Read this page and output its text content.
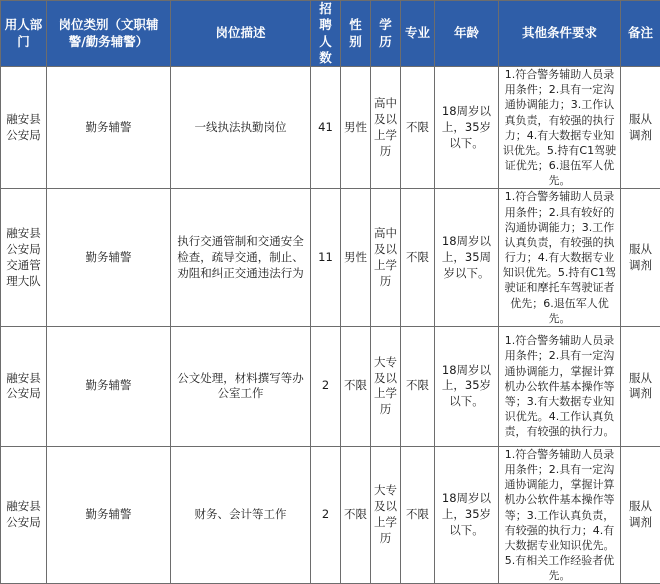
用人部门	岗位类别（文职辅警/勤务辅警）	岗位描述	招聘人数	性别	学历	专业	年龄	其他条件要求	备注
融安县公安局	勤务辅警	一线执法执勤岗位	41	男性	高中及以上学历	不限	18周岁以上，35岁以下。	1.符合警务辅助人员录用条件；2.具有一定沟通协调能力；3.工作认真负责，有较强的执行力；4.有大数据专业知识优先。5.持有C1驾驶证优先；6.退伍军人优先。	服从调剂
融安县公安局交通管理大队	勤务辅警	执行交通管制和交通安全检查，疏导交通，制止、劝阻和纠正交通违法行为	11	男性	高中及以上学历	不限	18周岁以上，35周岁以下。	1.符合警务辅助人员录用条件；2.具有较好的沟通协调能力；3.工作认真负责，有较强的执行力；4.有大数据专业知识优先。5.持有C1驾驶证和摩托车驾驶证者优先；6.退伍军人优先。	服从调剂
融安县公安局	勤务辅警	公文处理，材料撰写等办公室工作	2	不限	大专及以上学历	不限	18周岁以上，35岁以下。	1.符合警务辅助人员录用条件；2.具有一定沟通协调能力，掌握计算机办公软件基本操作等等；3.有大数据专业知识优先。4.工作认真负责，有较强的执行力。	服从调剂
融安县公安局	勤务辅警	财务、会计等工作	2	不限	大专及以上学历	不限	18周岁以上，35岁以下。	1.符合警务辅助人员录用条件；2.具有一定沟通协调能力，掌握计算机办公软件基本操作等等；3.工作认真负责，有较强的执行力；4.有大数据专业知识优先。5.有相关工作经验者优先。	服从调剂
